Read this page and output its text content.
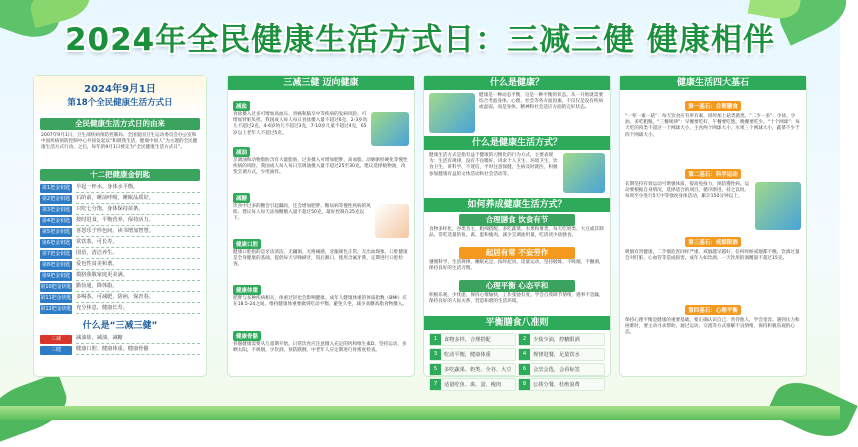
2024年全民健康生活方式日：三减三健 健康相伴
2024年9月1日
第18个全民健康生活方式日
全民健康生活方式日的由来
2007年9月1日，卫生部疾病预防控制局、全国爱国卫生运动委员会办公室和中国疾病预防控制中心共同发起以“和谐我生活，健康中国人”为主题的全民健康生活方式行动。之后，每年的9月1日被定为“全民健康生活方式日”。
十二把健康金钥匙
第1把金钥匙	早起一杯水，身体水平衡。
第2把金钥匙	石阶前，睡前呼吸，睡眠品质好。
第3把金钥匙	只吃七分饱，身体保持苗条。
第4把金钥匙	按时进食，平衡营养，保持活力。
第5把金钥匙	喜怒乐于形色间，读书增加智慧。
第6把金钥匙	常饮茶，可长寿。
第7把金钥匙	国语，清洁养生。
第8把金钥匙	爱也性贫美和谐。
第9把金钥匙	摸脐我敬家庭更美满。
第10把金钥匙 勤俭通，降体脂。
第11把金钥匙 多喝茶，可减肥，防病，保青春。
第12把金钥匙 充分休息，健康长寿。
什么是“三减三健”
三减	减油盐、减油、减糖
三健	健康口腔、健康体重、健康骨骼
三减三健 迈向健康
减盐
食盐摄入过多可增加高血压、胃癌和脑卒中等疾病的发病风险。可增加肾脏负担。我国成人每人每日食盐摄入量不超过6克，2-3岁幼儿不超过2克，4-6岁幼儿不超过3克，7-10岁儿童不超过4克，65岁以上老年人不超过5克。
减油
烹调油和动物脂肪含有大量脂肪，过多摄入可增加肥胖、高血脂、动脉粥样硬化等慢性疾病的风险。我国成人每人每日烹调油摄入量不超过25至30克。建议选择植物油，改变烹调方式，少用油炸。
减糖
饮食中过多的糖会引起龋齿，还会增加肥胖、糖尿病等慢性疾病的风险。建议每人每天添加糖摄入量不超过50克，最好控制在25克以下。
健康口腔
健康口腔指的是牙齿清洁、无龋洞、无疼痛感，牙龈颜色正常，无出血现象。口腔健康是全身健康的基础。提倡每天早晚刷牙，饭后漱口，使用含氟牙膏，定期进行口腔检查。
健康体重
肥胖与多种疾病相关，体重过轻也会影响健康。成年人健康体重的体质指数（BMI）应在18.5-24之间。维持健康体重要做到吃动平衡，避免久坐，减少高糖高脂食物摄入。
健康骨骼
骨骼健康需要从儿童期开始。日常饮食应注意摄入充足的钙和维生素D，坚持运动，多晒太阳，不吸烟，少饮酒，预防跌倒。中老年人应定期进行骨密度检查。
什么是健康？
健康是一种动态平衡，这是一种平衡的状态。从一开始就需要综合考虑身体、心理、社会等各方面因素，不仅仅是没有疾病或虚弱，而是身体、精神和社会适应方面的完好状态。
什么是健康生活方式？
健康生活方式是指有益于健康的习惯化的行为方式，主要表现为：生活有规律，没有不良嗜好，讲求个人卫生、环境卫生、饮食卫生，讲科学、不迷信，平时注意保健，生病及时就医，积极参加健康有益的文体活动和社会活动等。
如何养成健康生活方式？
合理膳食 饮食有节
食物多样化，谷类为主，粗细搭配。多吃蔬菜、水果和薯类，每天吃奶类、大豆或其制品。常吃适量的鱼、禽、蛋和瘦肉，减少烹调油用量，吃清淡少盐膳食。
起居有常 不妄劳作
遵循科学、生活规律，睡眠充足，按时起居。适量运动，坚持锻炼，不吸烟，不酗酒，保持良好的生活习惯。
心理平衡 心态平和
积极乐观，少忧虑，保持心情愉快，工作张弛有度。学会自我调节情绪，遇事不急躁，保持良好的人际关系，营造和谐的生活环境。
平衡膳食八准则
1	食物多样，合理搭配	2	少盐少油，控糖限酒
3	吃动平衡，健康体重	4	规律进餐，足量饮水
5	多吃蔬果、奶类、全谷、大豆	6	会烹会选，会看标签
7	适量吃鱼、禽、蛋、瘦肉	8	公筷分餐，杜绝浪费
健康生活四大基石
第一基石：合理膳食
“一荤一素一菇”：每天饮食应有荤有素，同时加上菇类菌类。“二少一多”：少盐、少油，多吃粗粮。“三餐规律”：早餐要吃好，午餐要吃饱，晚餐要吃少。“十个网球”：每天吃的肉类不超过一个网球大小，主食两个网球大小，水果三个网球大小，蔬菜不少于四个网球大小。
第二基石：科学运动
长期坚持有效运动可增强体质，提高免疫力，预防慢性病。运动要根据自身情况，选择适合的项目，循序渐进，持之以恒。每周至少进行5天中等强度身体活动，累计150分钟以上。
第三基石：戒烟限酒
吸烟有害健康，二手烟危害同样严重。戒烟越早越好，任何时候戒烟都不晚。饮酒过量会对肝脏、心血管等造成损害。成年人如饮酒，一天饮用的酒精量不超过15克。
第四基石：心理平衡
保持心理平衡是健康的重要基础。要正确认识自己，善待他人，学会宽容。遇到压力和困难时，要主动寻求帮助，通过运动、交流等方式排解不良情绪，保持积极乐观的心态。
